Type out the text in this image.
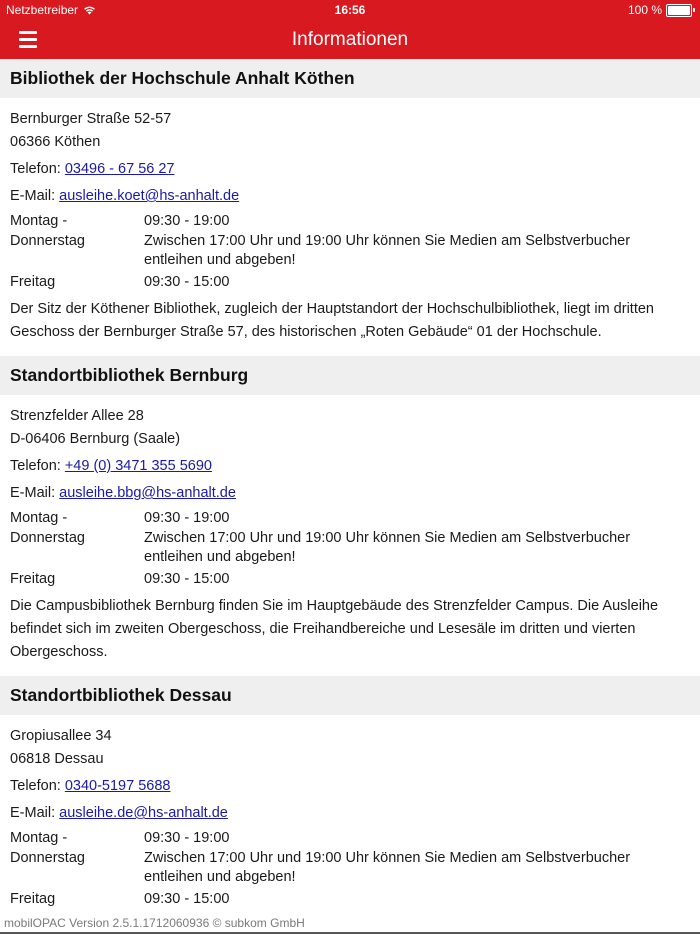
Netzbetreiber	16:56	100 %
Informationen
Bibliothek der Hochschule Anhalt Köthen
Bernburger Straße 52-57
06366 Köthen
Telefon: 03496 - 67 56 27
E-Mail: ausleihe.koet@hs-anhalt.de
Montag -	09:30 - 19:00
Donnerstag	Zwischen 17:00 Uhr und 19:00 Uhr können Sie Medien am Selbstverbucher entleihen und abgeben!
Freitag	09:30 - 15:00
Der Sitz der Köthener Bibliothek, zugleich der Hauptstandort der Hochschulbibliothek, liegt im dritten Geschoss der Bernburger Straße 57, des historischen „Roten Gebäude“ 01 der Hochschule.
Standortbibliothek Bernburg
Strenzfelder Allee 28
D-06406 Bernburg (Saale)
Telefon: +49 (0) 3471 355 5690
E-Mail: ausleihe.bbg@hs-anhalt.de
Montag -	09:30 - 19:00
Donnerstag	Zwischen 17:00 Uhr und 19:00 Uhr können Sie Medien am Selbstverbucher entleihen und abgeben!
Freitag	09:30 - 15:00
Die Campusbibliothek Bernburg finden Sie im Hauptgebäude des Strenzfelder Campus. Die Ausleihe befindet sich im zweiten Obergeschoss, die Freihandbereiche und Lesesäle im dritten und vierten Obergeschoss.
Standortbibliothek Dessau
Gropiusallee 34
06818 Dessau
Telefon: 0340-5197 5688
E-Mail: ausleihe.de@hs-anhalt.de
Montag -	09:30 - 19:00
Donnerstag	Zwischen 17:00 Uhr und 19:00 Uhr können Sie Medien am Selbstverbucher entleihen und abgeben!
Freitag	09:30 - 15:00
mobilOPAC Version 2.5.1.1712060936 © subkom GmbH
